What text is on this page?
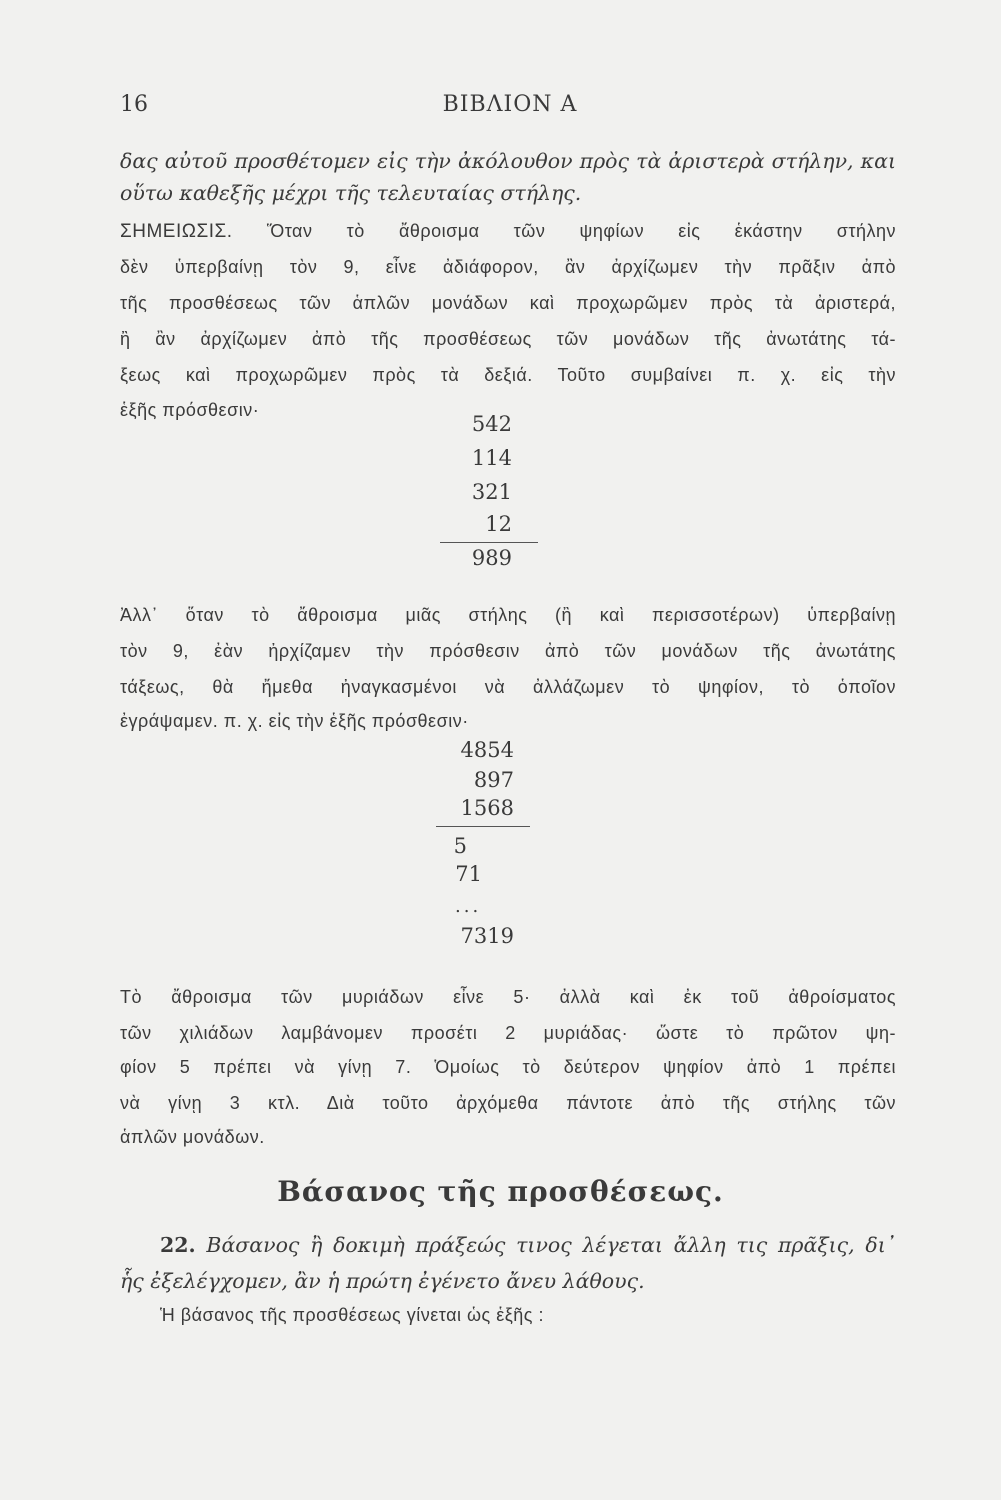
16	ΒΙΒΛΙΟΝ Α
δας αὐτοῦ προσθέτομεν εἰς τὴν ἀκόλουθον πρὸς τὰ ἀριστερὰ στήλην, και
οὕτω καθεξῆς μέχρι τῆς τελευταίας στήλης.
ΣΗΜΕΙΩΣΙΣ. Ὅταν τὸ ἄθροισμα τῶν ψηφίων εἰς ἑκάστην στήλην
δὲν ὑπερβαίνῃ τὸν 9, εἶνε ἀδιάφορον, ἂν ἀρχίζωμεν τὴν πρᾶξιν ἀπὸ
τῆς προσθέσεως τῶν ἁπλῶν μονάδων καὶ προχωρῶμεν πρὸς τὰ ἀριστερά,
ἢ ἂν ἀρχίζωμεν ἀπὸ τῆς προσθέσεως τῶν μονάδων τῆς ἀνωτάτης τά-
ξεως καὶ προχωρῶμεν πρὸς τὰ δεξιά. Τοῦτο συμβαίνει π. χ. εἰς τὴν
ἑξῆς πρόσθεσιν·
542
114
321
12
989
Ἀλλ᾽ ὅταν τὸ ἄθροισμα μιᾶς στήλης (ἢ καὶ περισσοτέρων) ὑπερβαίνῃ
τὸν 9, ἐὰν ἠρχίζαμεν τὴν πρόσθεσιν ἀπὸ τῶν μονάδων τῆς ἀνωτάτης
τάξεως, θὰ ἤμεθα ἠναγκασμένοι νὰ ἀλλάζωμεν τὸ ψηφίον, τὸ ὁποῖον
ἐγράψαμεν. π. χ. εἰς τὴν ἑξῆς πρόσθεσιν·
4854
897
1568
5
71
...
7319
Τὸ ἄθροισμα τῶν μυριάδων εἶνε 5· ἀλλὰ καὶ ἐκ τοῦ ἀθροίσματος
τῶν χιλιάδων λαμβάνομεν προσέτι 2 μυριάδας· ὥστε τὸ πρῶτον ψη-
φίον 5 πρέπει νὰ γίνῃ 7. Ὁμοίως τὸ δεύτερον ψηφίον ἀπὸ 1 πρέπει
νὰ γίνῃ 3 κτλ. Διὰ τοῦτο ἀρχόμεθα πάντοτε ἀπὸ τῆς στήλης τῶν
ἁπλῶν μονάδων.
Βάσανος τῆς προσθέσεως.
22. Βάσανος ἢ δοκιμὴ πράξεώς τινος λέγεται ἄλλη τις πρᾶξις, δι᾽
ἧς ἐξελέγχομεν, ἂν ἡ πρώτη ἐγένετο ἄνευ λάθους.
Ἡ βάσανος τῆς προσθέσεως γίνεται ὡς ἑξῆς :
